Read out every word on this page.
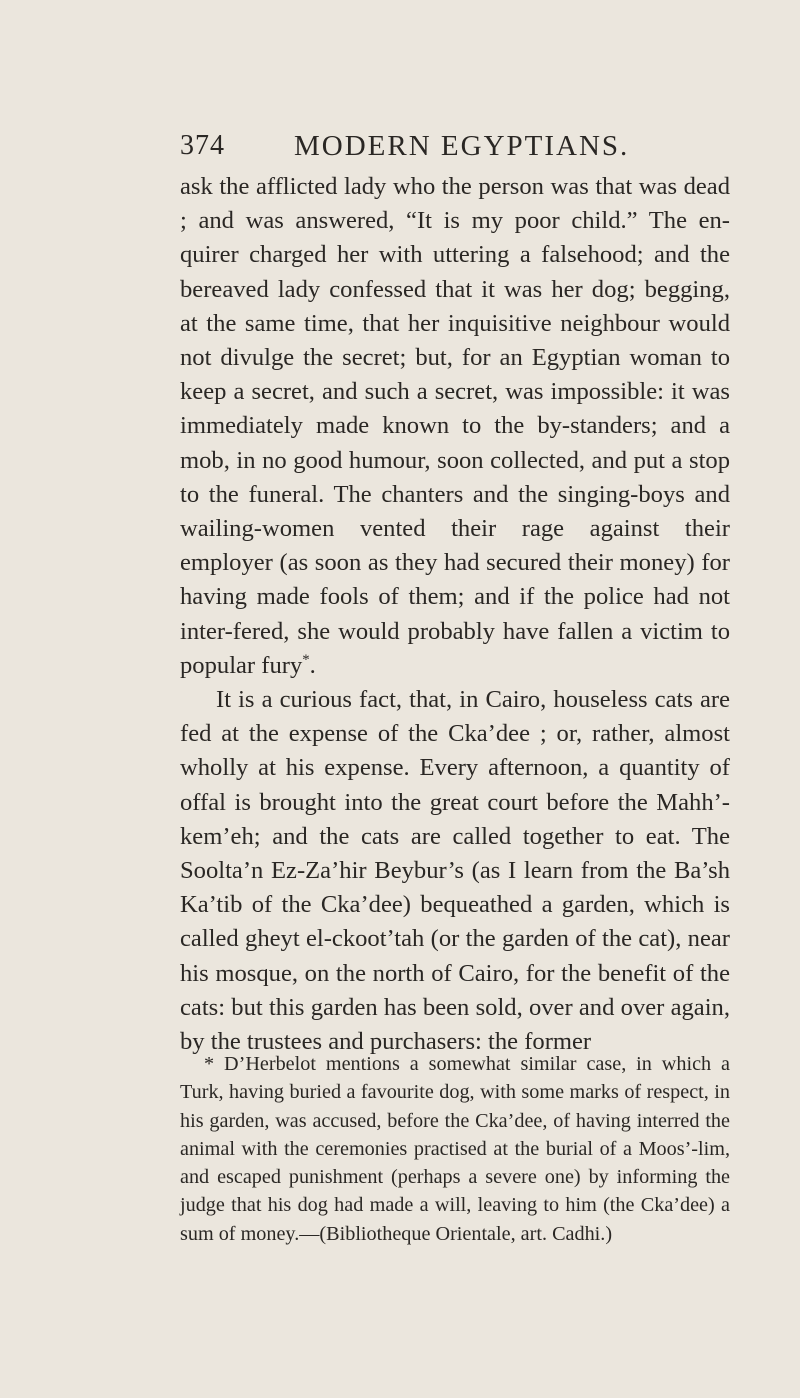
374 MODERN EGYPTIANS.

ask the afflicted lady who the person was that was dead ; and was answered, “It is my poor child.” The en-quirer charged her with uttering a falsehood; and the bereaved lady confessed that it was her dog; begging, at the same time, that her inquisitive neighbour would not divulge the secret; but, for an Egyptian woman to keep a secret, and such a secret, was impossible: it was immediately made known to the by-standers; and a mob, in no good humour, soon collected, and put a stop to the funeral. The chanters and the singing-boys and wailing-women vented their rage against their employer (as soon as they had secured their money) for having made fools of them; and if the police had not inter-fered, she would probably have fallen a victim to popular fury*.

It is a curious fact, that, in Cairo, houseless cats are fed at the expense of the Cka’dee ; or, rather, almost wholly at his expense. Every afternoon, a quantity of offal is brought into the great court before the Mahh’-kem’eh; and the cats are called together to eat. The Soolta’n Ez-Za’hir Beybur’s (as I learn from the Ba’sh Ka’tib of the Cka’dee) bequeathed a garden, which is called gheyt el-ckoot’tah (or the garden of the cat), near his mosque, on the north of Cairo, for the benefit of the cats: but this garden has been sold, over and over again, by the trustees and purchasers: the former

* D’Herbelot mentions a somewhat similar case, in which a Turk, having buried a favourite dog, with some marks of respect, in his garden, was accused, before the Cka’dee, of having interred the animal with the ceremonies practised at the burial of a Moos’-lim, and escaped punishment (perhaps a severe one) by informing the judge that his dog had made a will, leaving to him (the Cka’dee) a sum of money.—(Bibliotheque Orientale, art. Cadhi.)
